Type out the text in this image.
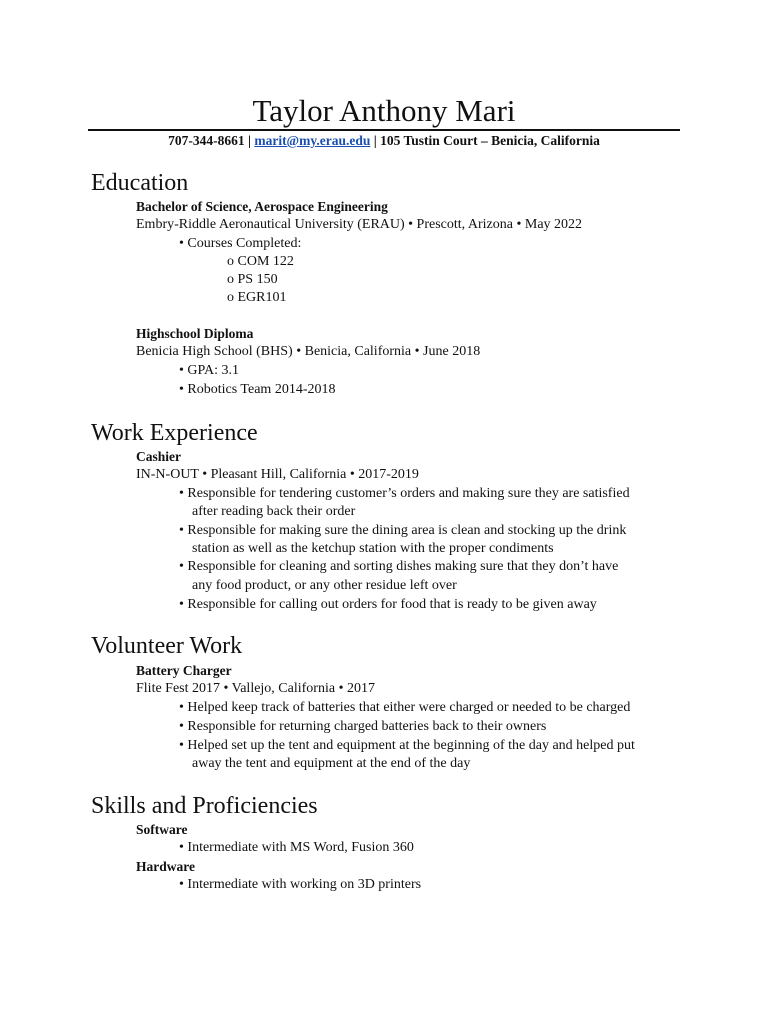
Taylor Anthony Mari
707-344-8661 | marit@my.erau.edu | 105 Tustin Court – Benicia, California
Education
Bachelor of Science, Aerospace Engineering
Embry-Riddle Aeronautical University (ERAU) • Prescott, Arizona • May 2022
• Courses Completed:
o COM 122
o PS 150
o EGR101
Highschool Diploma
Benicia High School (BHS) • Benicia, California • June 2018
• GPA: 3.1
• Robotics Team 2014-2018
Work Experience
Cashier
IN-N-OUT • Pleasant Hill, California • 2017-2019
• Responsible for tendering customer’s orders and making sure they are satisfied
after reading back their order
• Responsible for making sure the dining area is clean and stocking up the drink
station as well as the ketchup station with the proper condiments
• Responsible for cleaning and sorting dishes making sure that they don’t have
any food product, or any other residue left over
• Responsible for calling out orders for food that is ready to be given away
Volunteer Work
Battery Charger
Flite Fest 2017 • Vallejo, California • 2017
• Helped keep track of batteries that either were charged or needed to be charged
• Responsible for returning charged batteries back to their owners
• Helped set up the tent and equipment at the beginning of the day and helped put
away the tent and equipment at the end of the day
Skills and Proficiencies
Software
• Intermediate with MS Word, Fusion 360
Hardware
• Intermediate with working on 3D printers
